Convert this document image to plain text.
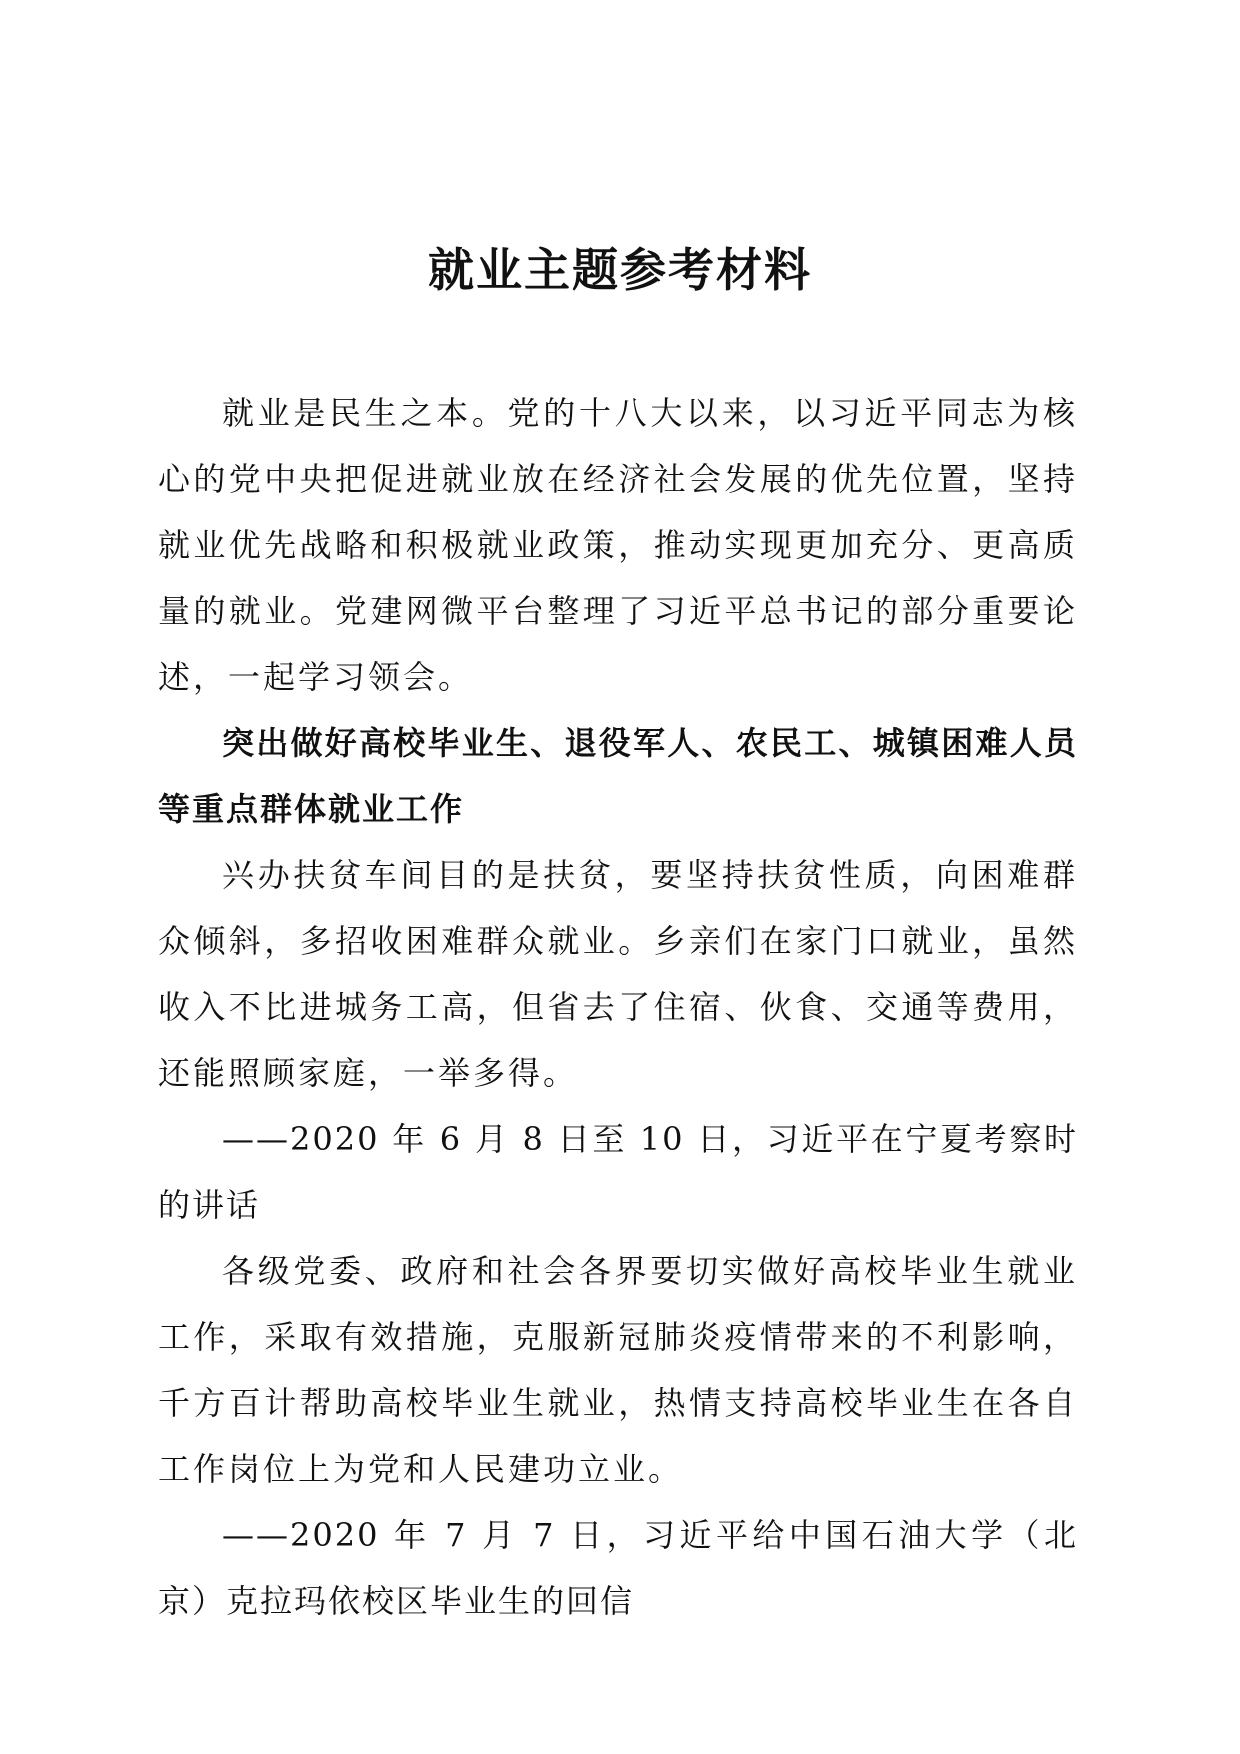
就业主题参考材料

就业是民生之本。党的十八大以来，以习近平同志为核心的党中央把促进就业放在经济社会发展的优先位置，坚持就业优先战略和积极就业政策，推动实现更加充分、更高质量的就业。党建网微平台整理了习近平总书记的部分重要论述，一起学习领会。

突出做好高校毕业生、退役军人、农民工、城镇困难人员等重点群体就业工作

兴办扶贫车间目的是扶贫，要坚持扶贫性质，向困难群众倾斜，多招收困难群众就业。乡亲们在家门口就业，虽然收入不比进城务工高，但省去了住宿、伙食、交通等费用，还能照顾家庭，一举多得。

——2020 年 6 月 8 日至 10 日，习近平在宁夏考察时的讲话

各级党委、政府和社会各界要切实做好高校毕业生就业工作，采取有效措施，克服新冠肺炎疫情带来的不利影响，千方百计帮助高校毕业生就业，热情支持高校毕业生在各自工作岗位上为党和人民建功立业。

——2020 年 7 月 7 日，习近平给中国石油大学（北京）克拉玛依校区毕业生的回信
